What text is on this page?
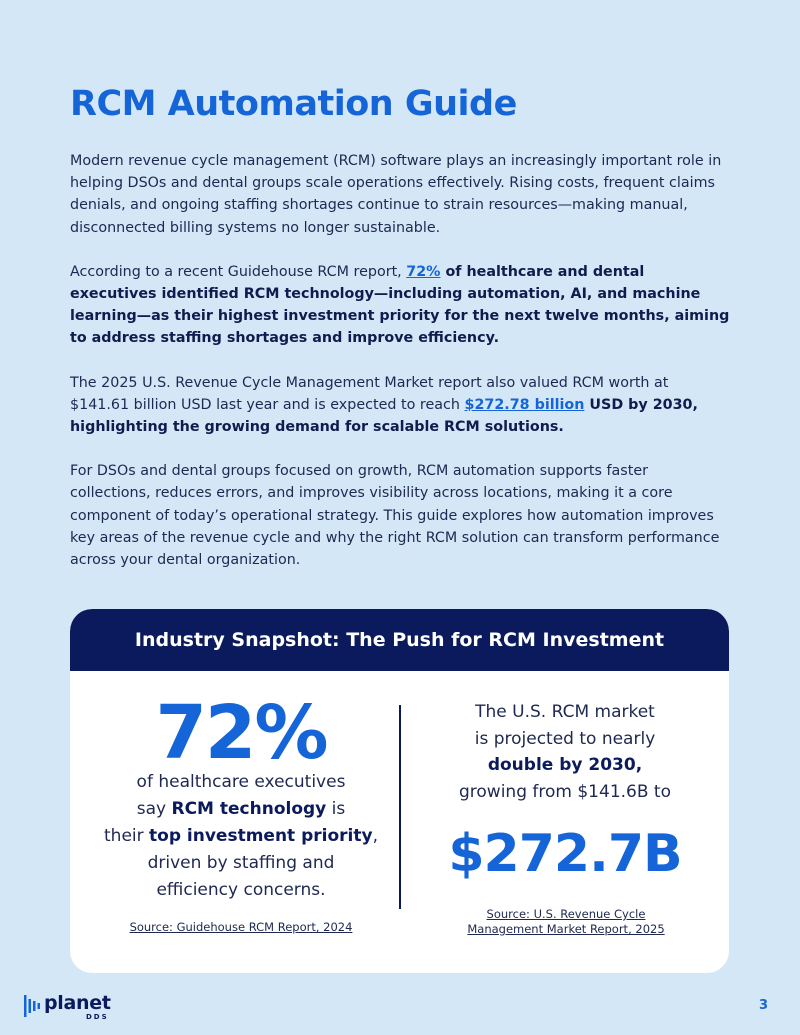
RCM Automation Guide

Modern revenue cycle management (RCM) software plays an increasingly important role in helping DSOs and dental groups scale operations effectively. Rising costs, frequent claims denials, and ongoing staffing shortages continue to strain resources—making manual, disconnected billing systems no longer sustainable.

According to a recent Guidehouse RCM report, 72% of healthcare and dental executives identified RCM technology—including automation, AI, and machine learning—as their highest investment priority for the next twelve months, aiming to address staffing shortages and improve efficiency.

The 2025 U.S. Revenue Cycle Management Market report also valued RCM worth at $141.61 billion USD last year and is expected to reach $272.78 billion USD by 2030, highlighting the growing demand for scalable RCM solutions.

For DSOs and dental groups focused on growth, RCM automation supports faster collections, reduces errors, and improves visibility across locations, making it a core component of today’s operational strategy. This guide explores how automation improves key areas of the revenue cycle and why the right RCM solution can transform performance across your dental organization.

Industry Snapshot: The Push for RCM Investment
72%
of healthcare executives
say RCM technology is
their top investment priority,
driven by staffing and
efficiency concerns.
The U.S. RCM market
is projected to nearly
double by 2030,
growing from $141.6B to
$272.7B
Source: Guidehouse RCM Report, 2024
Source: U.S. Revenue Cycle
Management Market Report, 2025
planet
DDS
3
